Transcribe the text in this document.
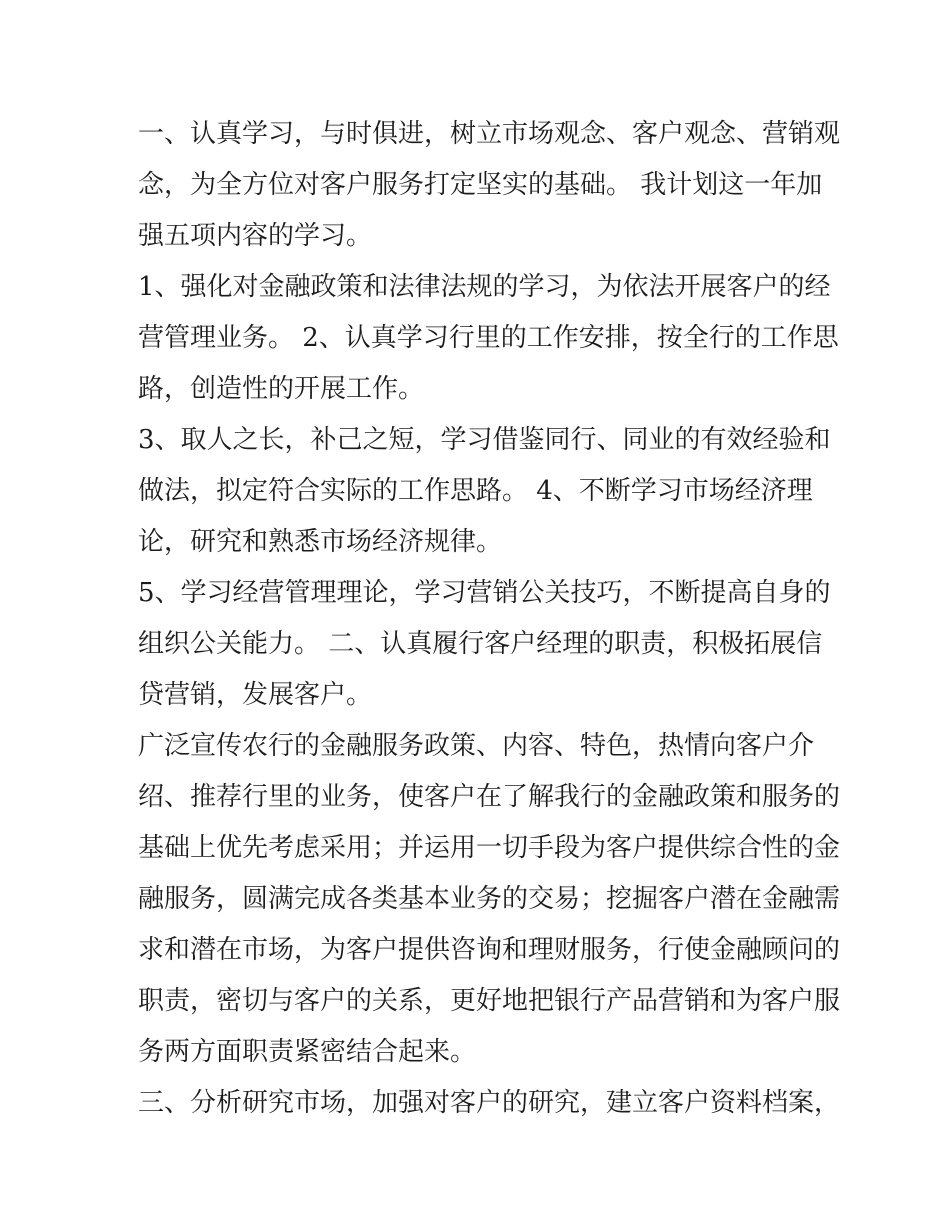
一、认真学习，与时俱进，树立市场观念、客户观念、营销观
念，为全方位对客户服务打定坚实的基础。 我计划这一年加
强五项内容的学习。

1、强化对金融政策和法律法规的学习，为依法开展客户的经
营管理业务。 2、认真学习行里的工作安排，按全行的工作思
路，创造性的开展工作。

3、取人之长，补己之短，学习借鉴同行、同业的有效经验和
做法，拟定符合实际的工作思路。 4、不断学习市场经济理
论，研究和熟悉市场经济规律。

5、学习经营管理理论，学习营销公关技巧，不断提高自身的
组织公关能力。 二、认真履行客户经理的职责，积极拓展信
贷营销，发展客户。

广泛宣传农行的金融服务政策、内容、特色，热情向客户介
绍、推荐行里的业务，使客户在了解我行的金融政策和服务的
基础上优先考虑采用；并运用一切手段为客户提供综合性的金
融服务，圆满完成各类基本业务的交易；挖掘客户潜在金融需
求和潜在市场，为客户提供咨询和理财服务，行使金融顾问的
职责，密切与客户的关系，更好地把银行产品营销和为客户服
务两方面职责紧密结合起来。

三、分析研究市场，加强对客户的研究，建立客户资料档案，
